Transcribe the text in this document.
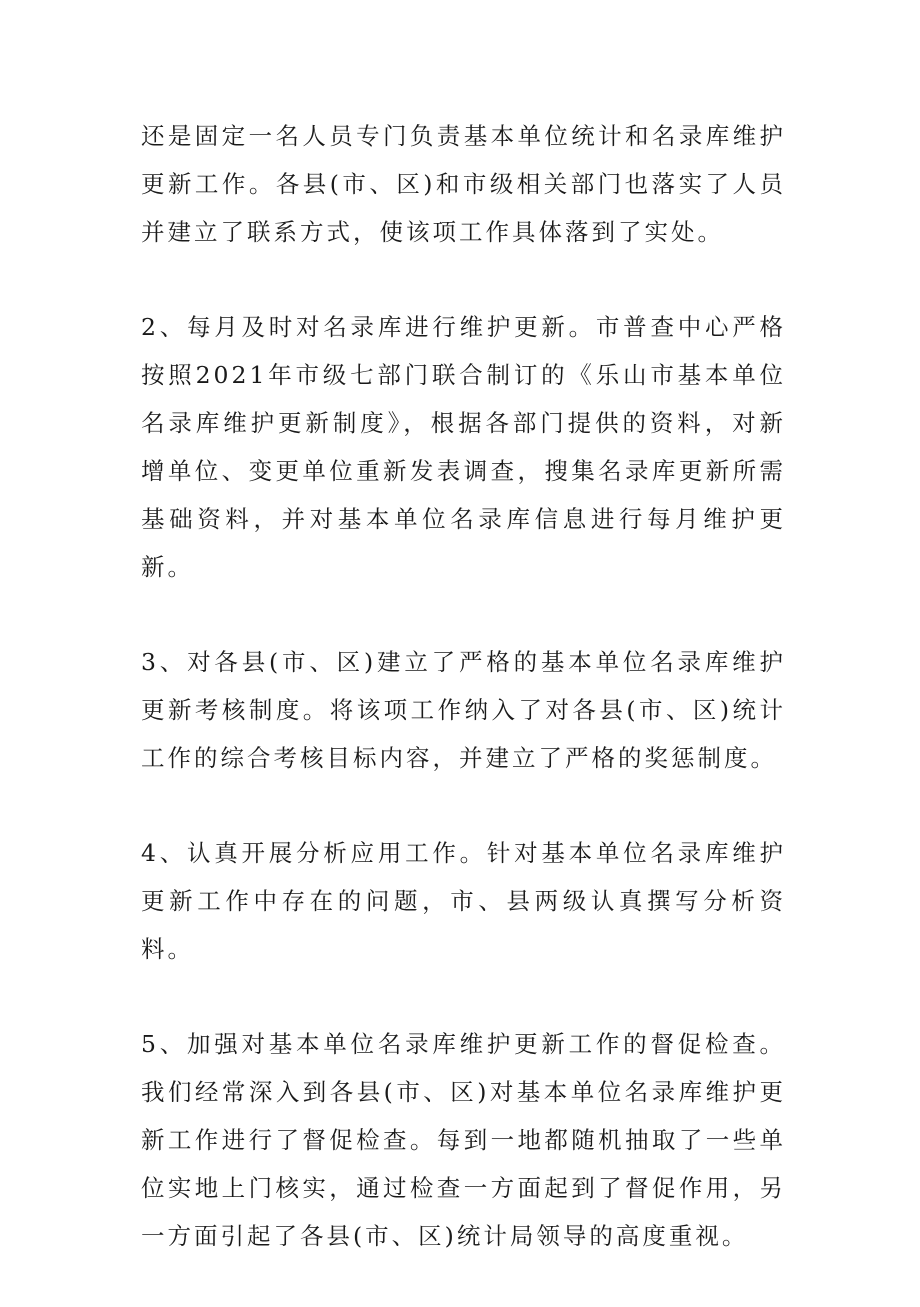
还是固定一名人员专门负责基本单位统计和名录库维护更新工作。各县(市、区)和市级相关部门也落实了人员并建立了联系方式，使该项工作具体落到了实处。

2、每月及时对名录库进行维护更新。市普查中心严格按照2021年市级七部门联合制订的《乐山市基本单位名录库维护更新制度》，根据各部门提供的资料，对新增单位、变更单位重新发表调查，搜集名录库更新所需基础资料，并对基本单位名录库信息进行每月维护更新。

3、对各县(市、区)建立了严格的基本单位名录库维护更新考核制度。将该项工作纳入了对各县(市、区)统计工作的综合考核目标内容，并建立了严格的奖惩制度。

4、认真开展分析应用工作。针对基本单位名录库维护更新工作中存在的问题，市、县两级认真撰写分析资料。

5、加强对基本单位名录库维护更新工作的督促检查。我们经常深入到各县(市、区)对基本单位名录库维护更新工作进行了督促检查。每到一地都随机抽取了一些单位实地上门核实，通过检查一方面起到了督促作用，另一方面引起了各县(市、区)统计局领导的高度重视。
